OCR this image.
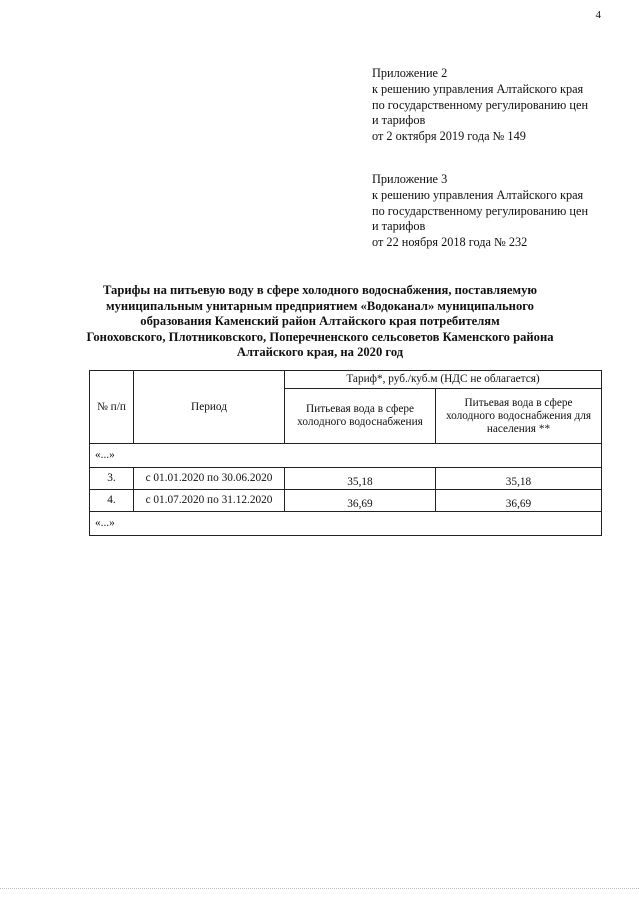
4
Приложение 2
к решению управления Алтайского края
по государственному регулированию цен
и тарифов
от 2 октября 2019 года № 149
Приложение 3
к решению управления Алтайского края
по государственному регулированию цен
и тарифов
от 22 ноября 2018 года № 232
Тарифы на питьевую воду в сфере холодного водоснабжения, поставляемую
муниципальным унитарным предприятием «Водоканал» муниципального
образования Каменский район Алтайского края потребителям
Гоноховского, Плотниковского, Поперечненского сельсоветов Каменского района
Алтайского края, на 2020 год
№ п/п	Период	Тариф*, руб./куб.м (НДС не облагается)	
		Питьевая вода в сфере холодного водоснабжения	Питьевая вода в сфере холодного водоснабжения для населения **
«...»			
3.	с 01.01.2020 по 30.06.2020	35,18	35,18
4.	с 01.07.2020 по 31.12.2020	36,69	36,69
«...»			
